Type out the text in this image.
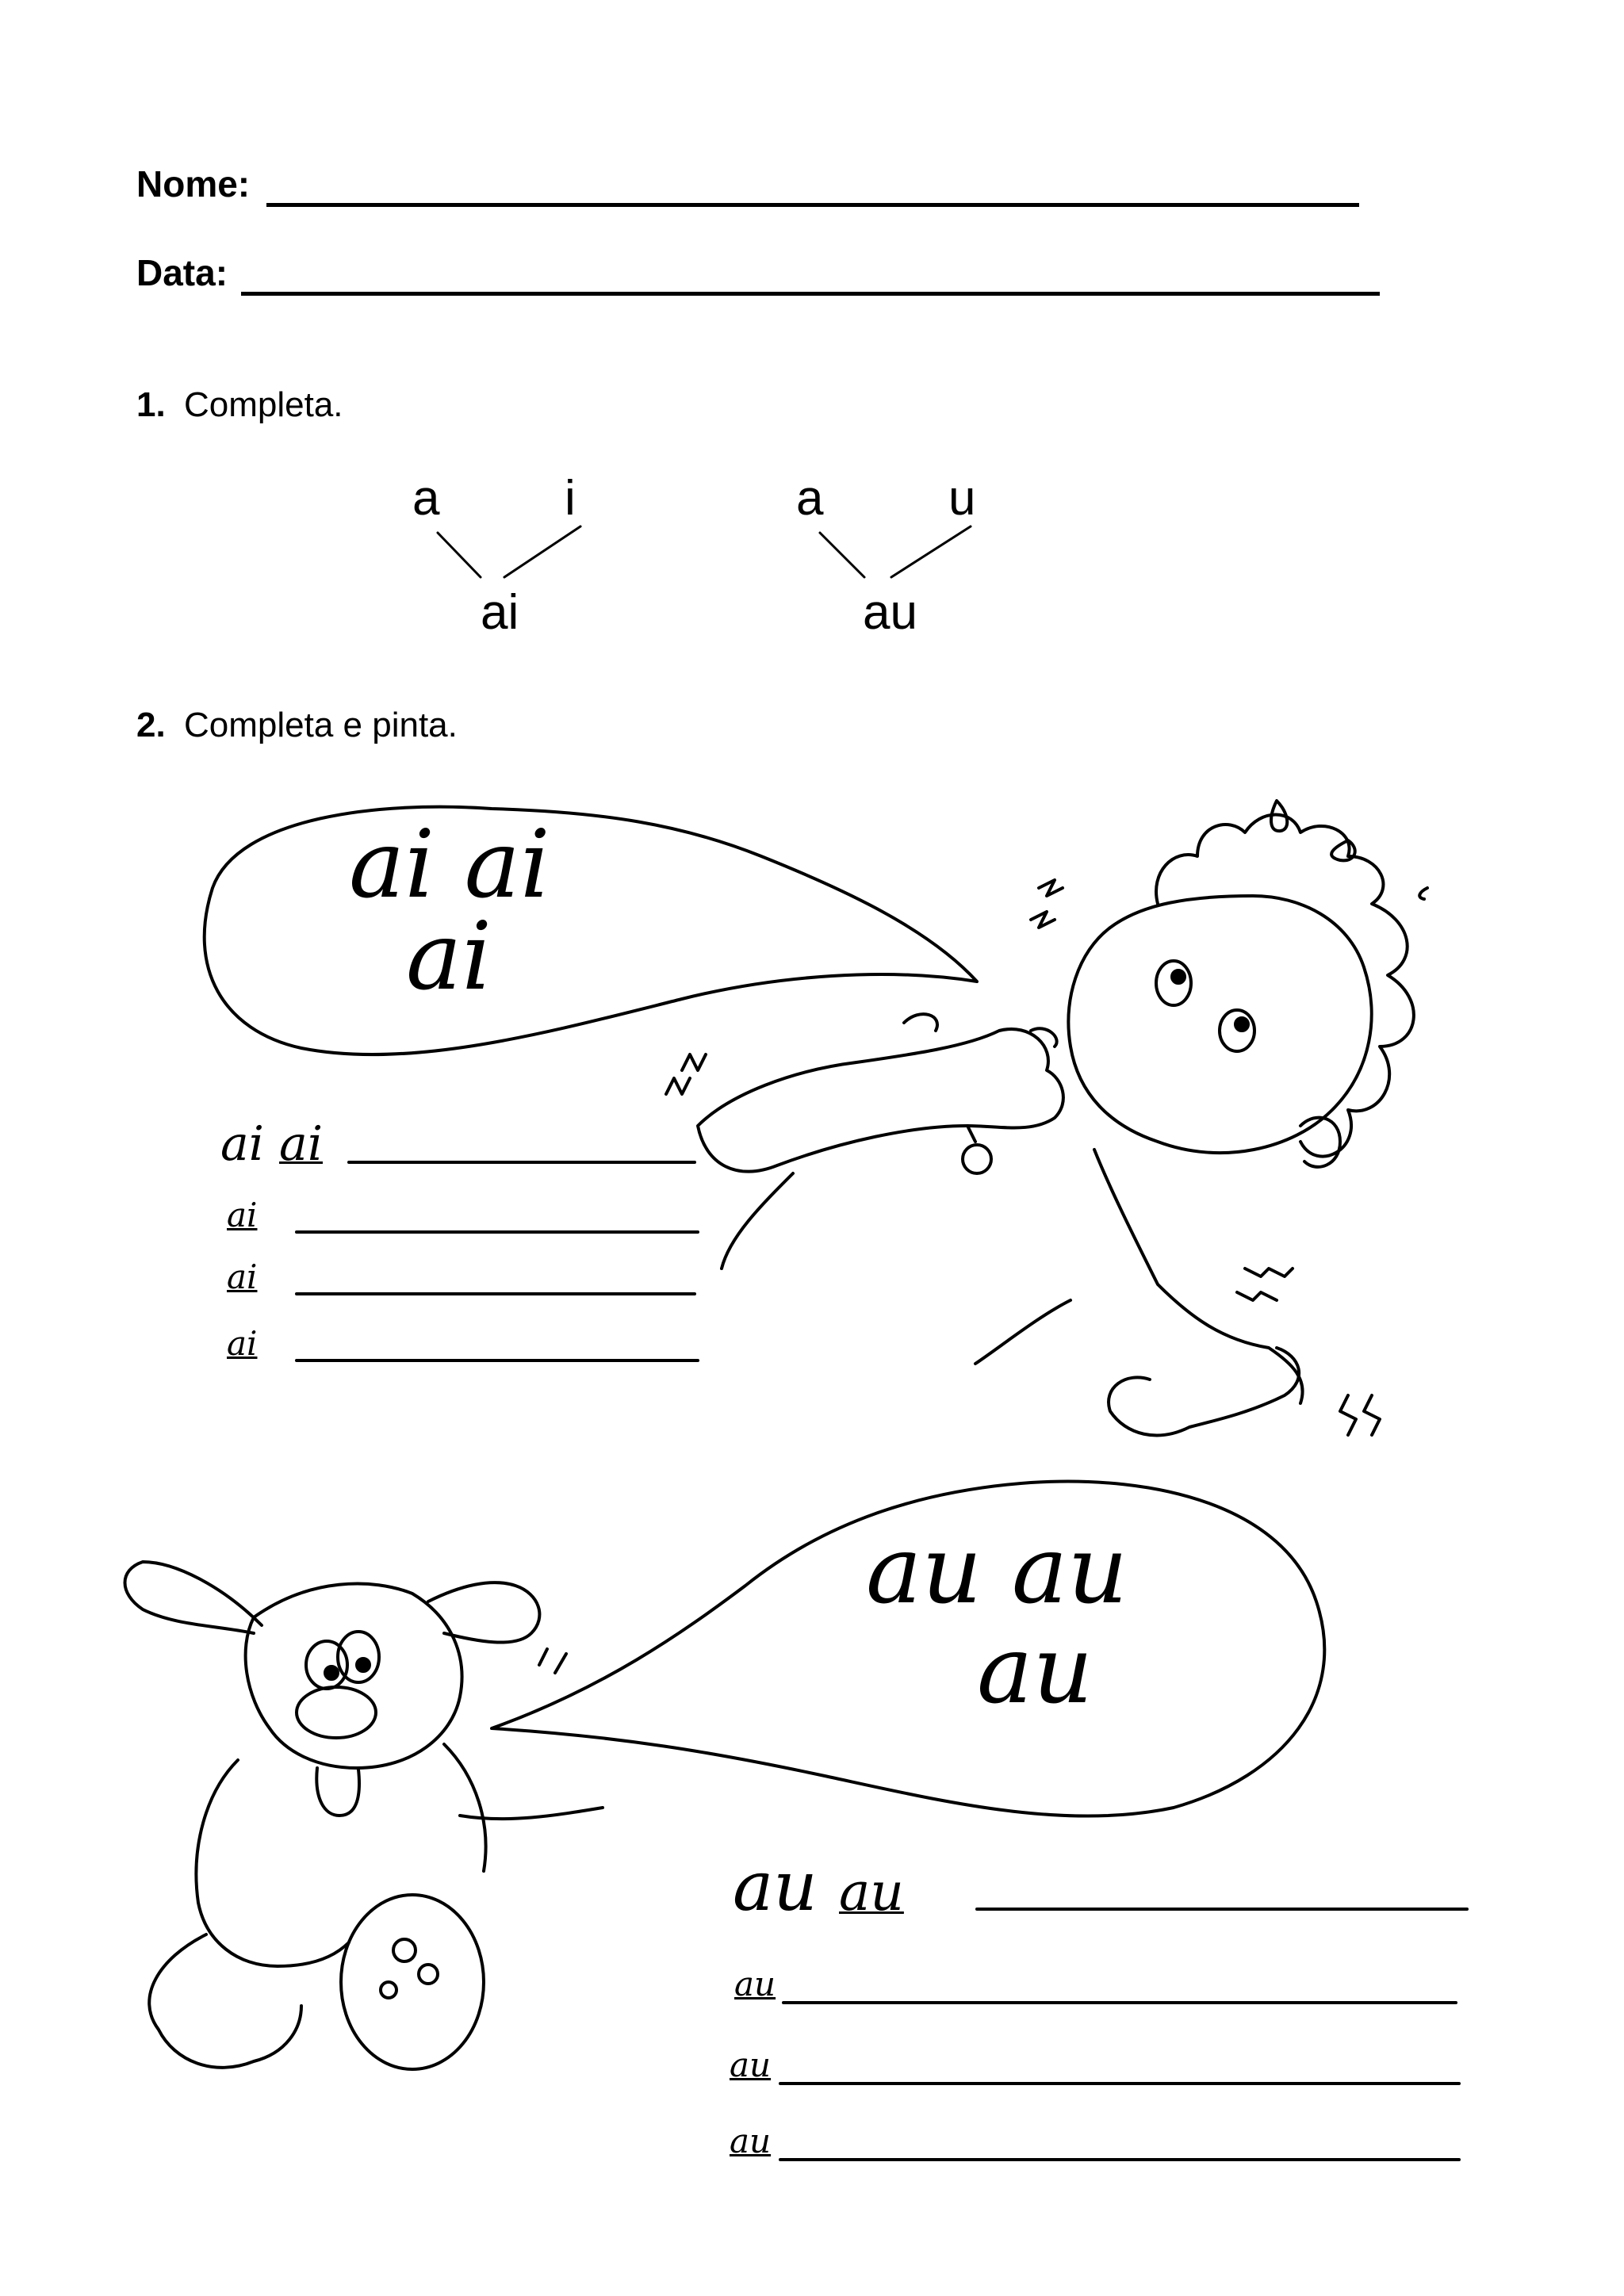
Nome:
Data:
1. Completa.
a	i
ai
a	u
au
2. Completa e pinta.
ai ai
ai
ai ai
ai
ai
ai
au au
au
au au
au
au
au
